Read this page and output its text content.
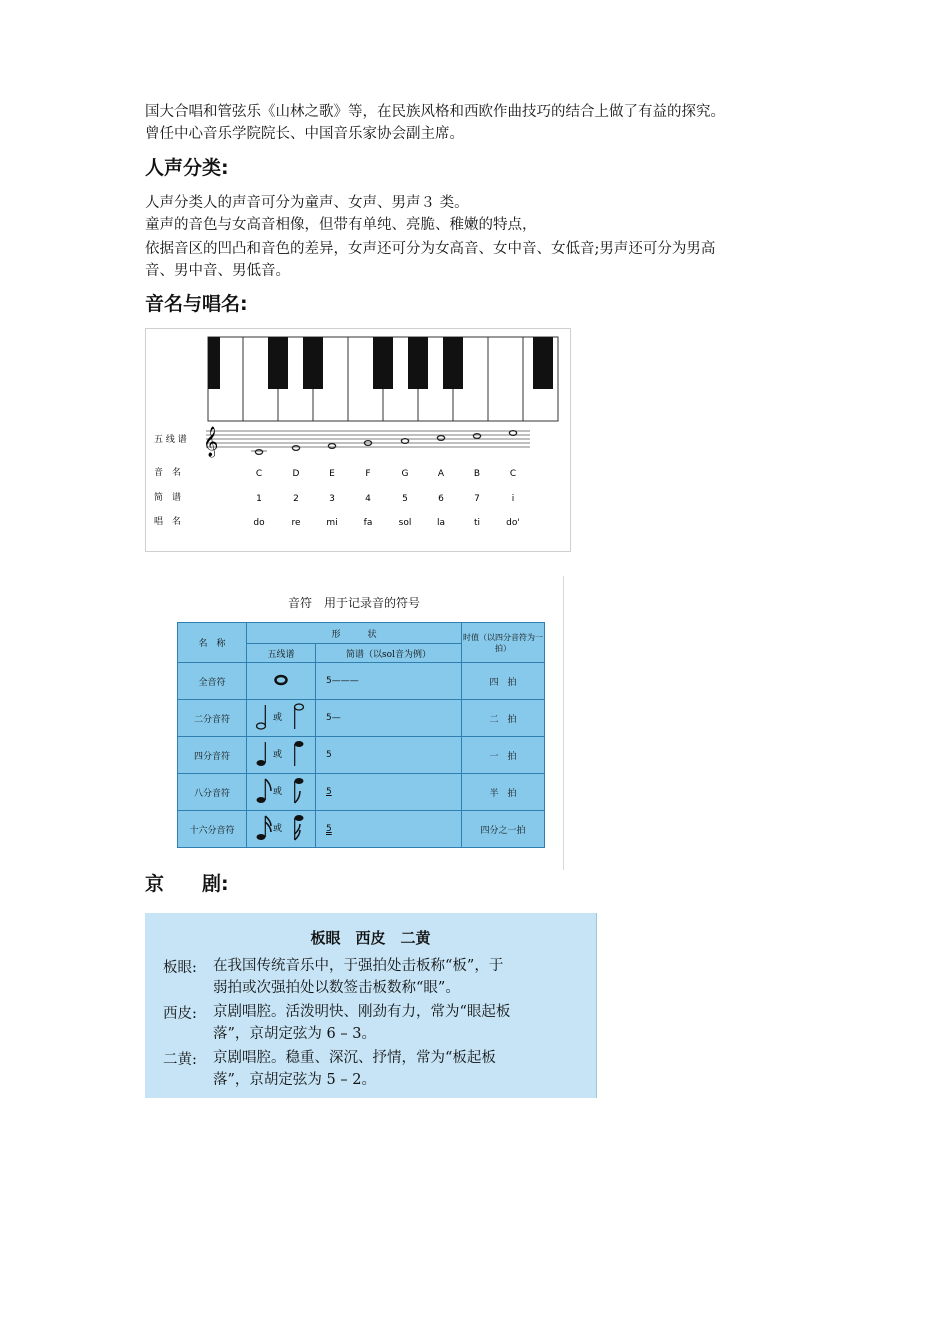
国大合唱和管弦乐《山林之歌》等，在民族风格和西欧作曲技巧的结合上做了有益的探究。
曾任中心音乐学院院长、中国音乐家协会副主席。
人声分类:
人声分类人的声音可分为童声、女声、男声３ 类。
童声的音色与女高音相像，但带有单纯、亮脆、稚嫩的特点，
依据音区的凹凸和音色的差异，女声还可分为女高音、女中音、女低音;男声还可分为男高
音、男中音、男低音。
音名与唱名:
𝄞
五 线 谱
音　名
简　谱
唱　名
C	D	E	F	G	A	B	C
1	2	3	4	5	6	7	i
do	re	mi	fa	sol	la	ti	do'
音符　用于记录音的符号
名　称	形　　　状		时值（以四分音符为一拍）
	五线谱	简谱（以sol音为例）	
全音符		5———	四　拍
二分音符	或	5—	二　拍
四分音符	或	5	一　拍
八分音符	或	5	半　拍
十六分音符	或	5	四分之一拍
京　　剧:
板眼　西皮　二黄
板眼: 在我国传统音乐中，于强拍处击板称“板”，于
弱拍或次强拍处以数签击板数称“眼”。
西皮: 京剧唱腔。活泼明快、刚劲有力，常为“眼起板
落”，京胡定弦为 6 – 3。
二黄: 京剧唱腔。稳重、深沉、抒情，常为“板起板
落”，京胡定弦为 5 – 2。
